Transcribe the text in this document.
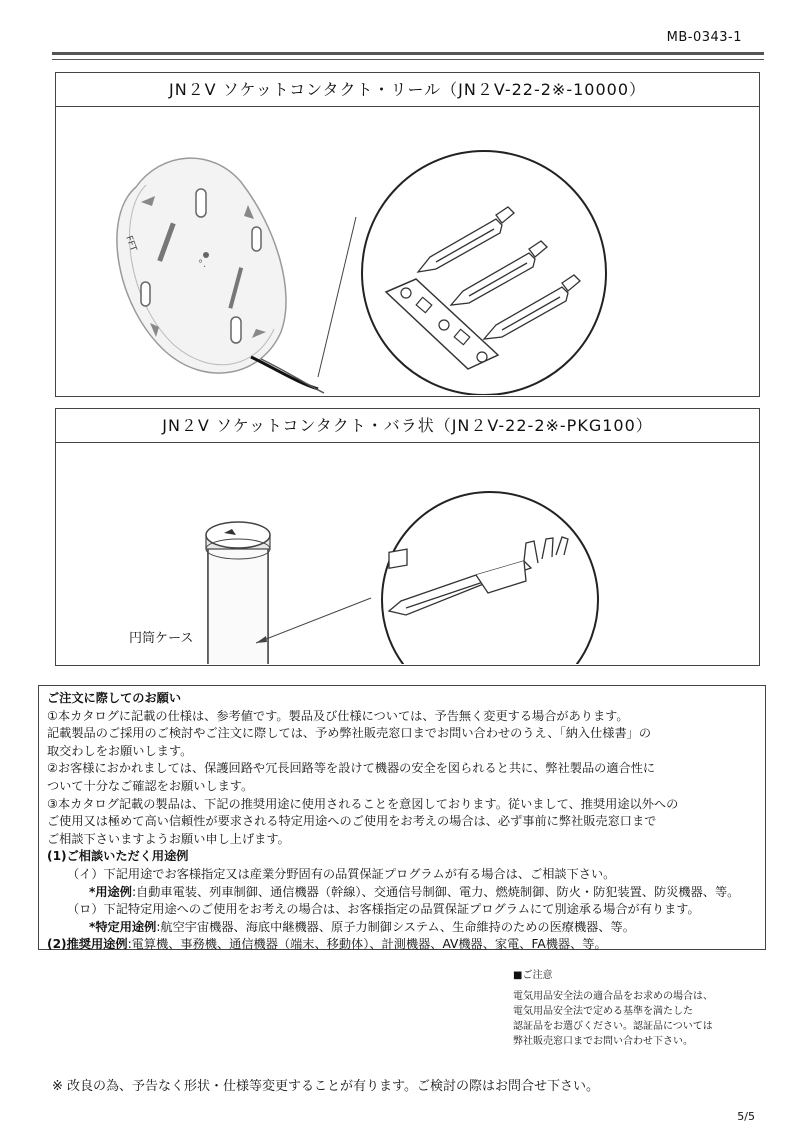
MB-0343-1
JN２V ソケットコンタクト・リール（JN２V-22-2※-10000）
FFT
°.
JN２V ソケットコンタクト・バラ状（JN２V-22-2※-PKG100）
円筒ケース

ご注文に際してのお願い

①本カタログに記載の仕様は、参考値です。製品及び仕様については、予告無く変更する場合があります。

記載製品のご採用のご検討やご注文に際しては、予め弊社販売窓口までお問い合わせのうえ、「納入仕様書」の

取交わしをお願いします。

②お客様におかれましては、保護回路や冗長回路等を設けて機器の安全を図られると共に、弊社製品の適合性に

ついて十分なご確認をお願いします。

③本カタログ記載の製品は、下記の推奨用途に使用されることを意図しております。従いまして、推奨用途以外への

ご使用又は極めて高い信頼性が要求される特定用途へのご使用をお考えの場合は、必ず事前に弊社販売窓口まで

ご相談下さいますようお願い申し上げます。

(1)ご相談いただく用途例

（イ）下記用途でお客様指定又は産業分野固有の品質保証プログラムが有る場合は、ご相談下さい。

*用途例:自動車電装、列車制御、通信機器（幹線）、交通信号制御、電力、燃焼制御、防火・防犯装置、防災機器、等。

（ロ）下記特定用途へのご使用をお考えの場合は、お客様指定の品質保証プログラムにて別途承る場合が有ります。

*特定用途例:航空宇宙機器、海底中継機器、原子力制御システム、生命維持のための医療機器、等。

(2)推奨用途例:電算機、事務機、通信機器（端末、移動体）、計測機器、AV機器、家電、FA機器、等。

■ご注意

電気用品安全法の適合品をお求めの場合は、

電気用品安全法で定める基準を満たした

認証品をお選びください。認証品については

弊社販売窓口までお問い合わせ下さい。

※ 改良の為、予告なく形状・仕様等変更することが有ります。ご検討の際はお問合せ下さい。
5/5
